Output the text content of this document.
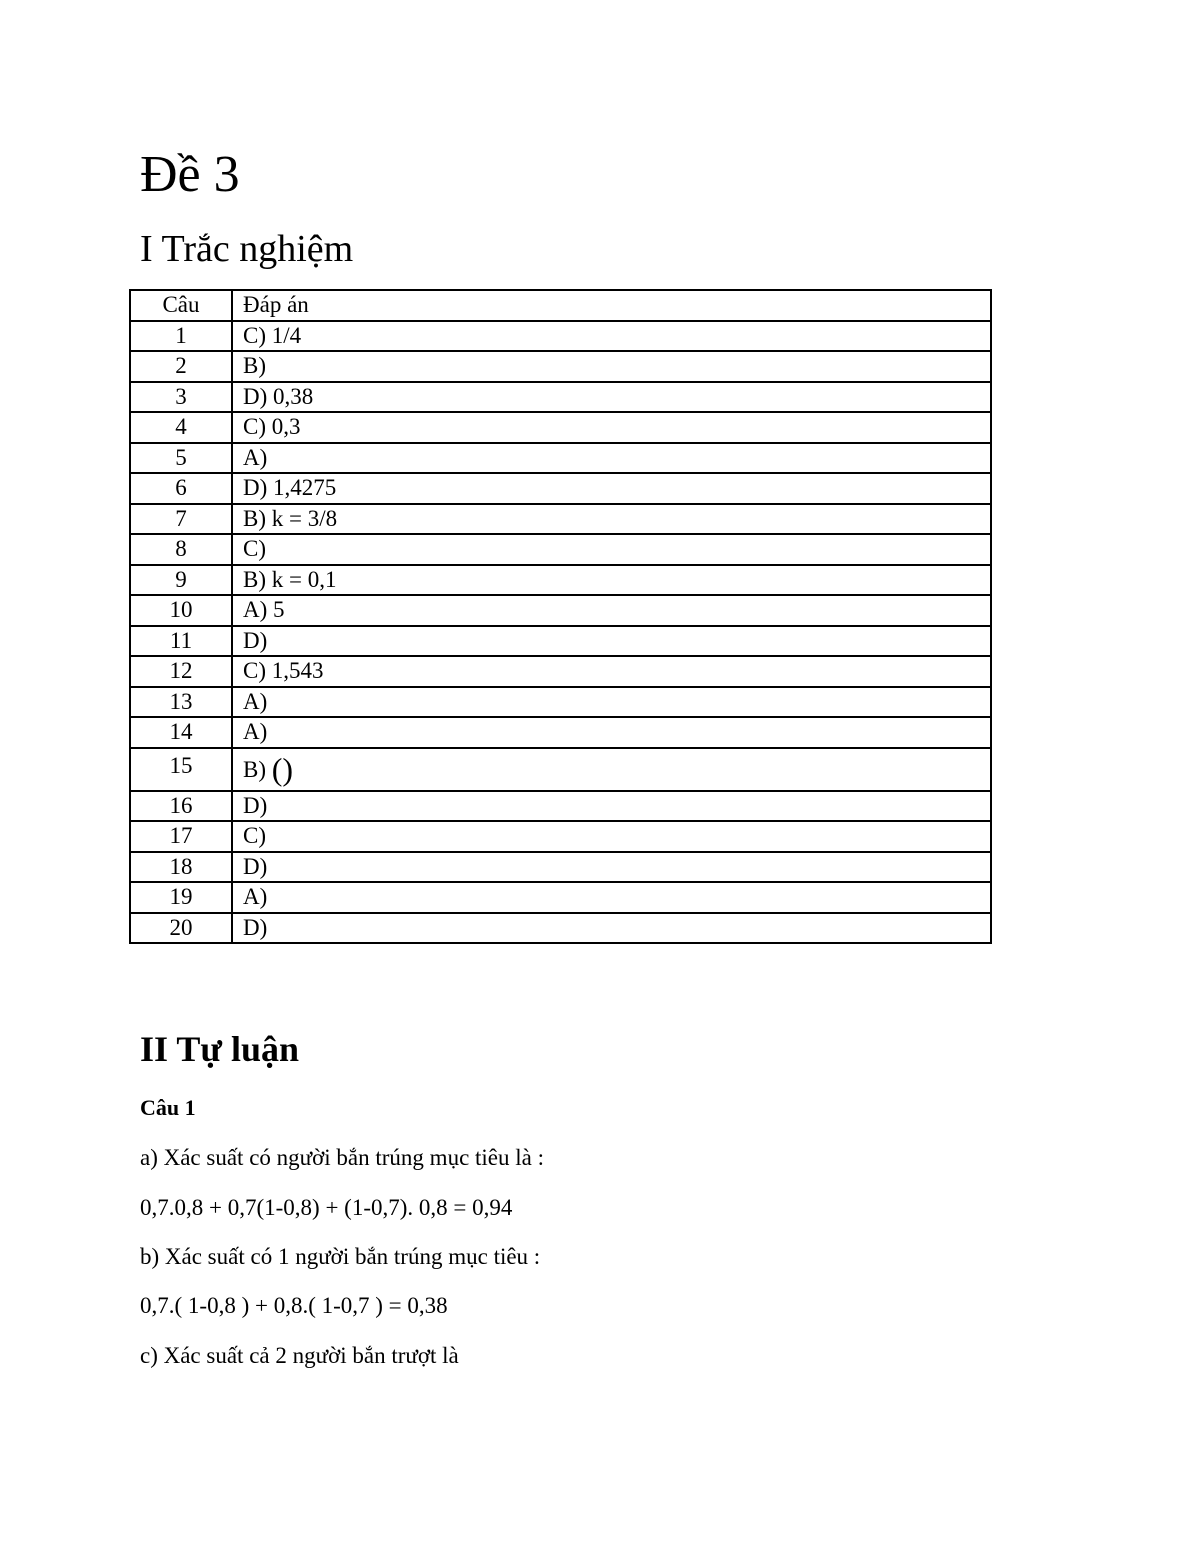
Đề 3
I Trắc nghiệm
Câu	Đáp án
1	C) 1/4
2	B)
3	D) 0,38
4	C) 0,3
5	A)
6	D) 1,4275
7	B) k = 3/8
8	C)
9	B) k = 0,1
10	A) 5
11	D)
12	C) 1,543
13	A)
14	A)
15	B) ()
16	D)
17	C)
18	D)
19	A)
20	D)
II Tự luận

Câu 1

a) Xác suất có người bắn trúng mục tiêu là :

0,7.0,8 + 0,7(1-0,8) + (1-0,7). 0,8 = 0,94

b) Xác suất có 1 người bắn trúng mục tiêu :

0,7.( 1-0,8 ) + 0,8.( 1-0,7 ) = 0,38

c) Xác suất cả 2 người bắn trượt là
